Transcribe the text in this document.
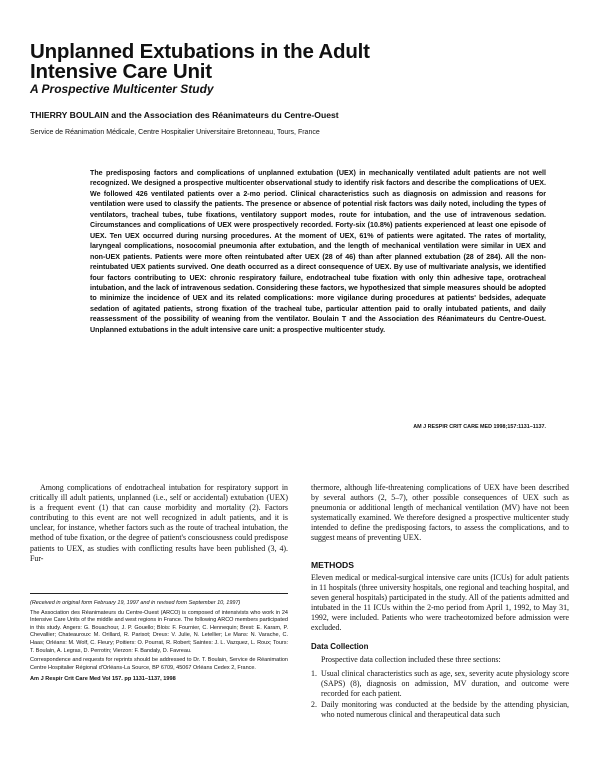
Unplanned Extubations in the Adult
Intensive Care Unit
A Prospective Multicenter Study

THIERRY BOULAIN and the Association des Réanimateurs du Centre-Ouest

Service de Réanimation Médicale, Centre Hospitalier Universitaire Bretonneau, Tours, France

The predisposing factors and complications of unplanned extubation (UEX) in mechanically ventilated adult patients are not well recognized. We designed a prospective multicenter observational study to identify risk factors and describe the complications of UEX. We followed 426 ventilated patients over a 2-mo period. Clinical characteristics such as diagnosis on admission and reasons for ventilation were used to classify the patients. The presence or absence of potential risk factors was daily noted, including the types of ventilators, tracheal tubes, tube fixations, ventilatory support modes, route for intubation, and the use of intravenous sedation. Circumstances and complications of UEX were prospectively recorded. Forty-six (10.8%) patients experienced at least one episode of UEX. Ten UEX occurred during nursing procedures. At the moment of UEX, 61% of patients were agitated. The rates of mortality, laryngeal complications, nosocomial pneumonia after extubation, and the length of mechanical ventilation were similar in UEX and non-UEX patients. Patients were more often reintubated after UEX (28 of 46) than after planned extubation (28 of 284). All the non-reintubated UEX patients survived. One death occurred as a direct consequence of UEX. By use of multivariate analysis, we identified four factors contributing to UEX: chronic respiratory failure, endotracheal tube fixation with only thin adhesive tape, orotracheal intubation, and the lack of intravenous sedation. Considering these factors, we hypothesized that simple measures should be adopted to minimize the incidence of UEX and its related complications: more vigilance during procedures at patients' bedsides, adequate sedation of agitated patients, strong fixation of the tracheal tube, particular attention paid to orally intubated patients, and daily reassessment of the possibility of weaning from the ventilator. Boulain T and the Association des Réanimateurs du Centre-Ouest. Unplanned extubations in the adult intensive care unit: a prospective multicenter study.

AM J RESPIR CRIT CARE MED 1998;157:1131–1137.

Among complications of endotracheal intubation for respiratory support in critically ill adult patients, unplanned (i.e., self or accidental) extubation (UEX) is a frequent event (1) that can cause morbidity and mortality (2). Factors contributing to this event are not well recognized in adult patients, and it is unclear, for instance, whether factors such as the route of tracheal intubation, the method of tube fixation, or the degree of patient's consciousness could predispose patients to UEX, as studies with conflicting results have been published (3, 4). Fur-

(Received in original form February 19, 1997 and in revised form September 10, 1997)

The Association des Réanimateurs du Centre-Ouest (ARCO) is composed of intensivists who work in 24 Intensive Care Units of the middle and west regions in France. The following ARCO members participated in this study. Angers: G. Bouachour, J. P. Gouello; Blois: F. Fournier, C. Hennequin; Brest: E. Karam, P. Chevallier; Chateauroux: M. Orillard, R. Parisot; Dreux: V. Julie, N. Letellier; Le Mans: N. Varache, C. Haas; Orléans: M. Wolf, C. Fleury; Poitiers: O. Pourrat, R. Robert; Saintes: J. L. Vazquez, L. Roux; Tours: T. Boulain, A. Legras, D. Perrotin; Vierzon: F. Bandaly, D. Favreau.

Correspondence and requests for reprints should be addressed to Dr. T. Boulain, Service de Réanimation Centre Hospitalier Régional d'Orléans-La Source, BP 6709, 45067 Orléans Cedex 2, France.

Am J Respir Crit Care Med Vol 157. pp 1131–1137, 1998

thermore, although life-threatening complications of UEX have been described by several authors (2, 5–7), other possible consequences of UEX such as pneumonia or additional length of mechanical ventilation (MV) have not been systematically examined. We therefore designed a prospective multicenter study intended to define the predisposing factors, to assess the complications, and to suggest means of preventing UEX.

METHODS

Eleven medical or medical-surgical intensive care units (ICUs) for adult patients in 11 hospitals (three university hospitals, one regional and teaching hospital, and seven general hospitals) participated in the study. All of the patients admitted and intubated in the 11 ICUs within the 2-mo period from April 1, 1992, to May 31, 1992, were included. Patients who were tracheotomized before admission were excluded.

Data Collection

Prospective data collection included these three sections:

1. Usual clinical characteristics such as age, sex, severity acute physiology score (SAPS) (8), diagnosis on admission, MV duration, and outcome were recorded for each patient.
2. Daily monitoring was conducted at the bedside by the attending physician, who noted numerous clinical and therapeutical data such
